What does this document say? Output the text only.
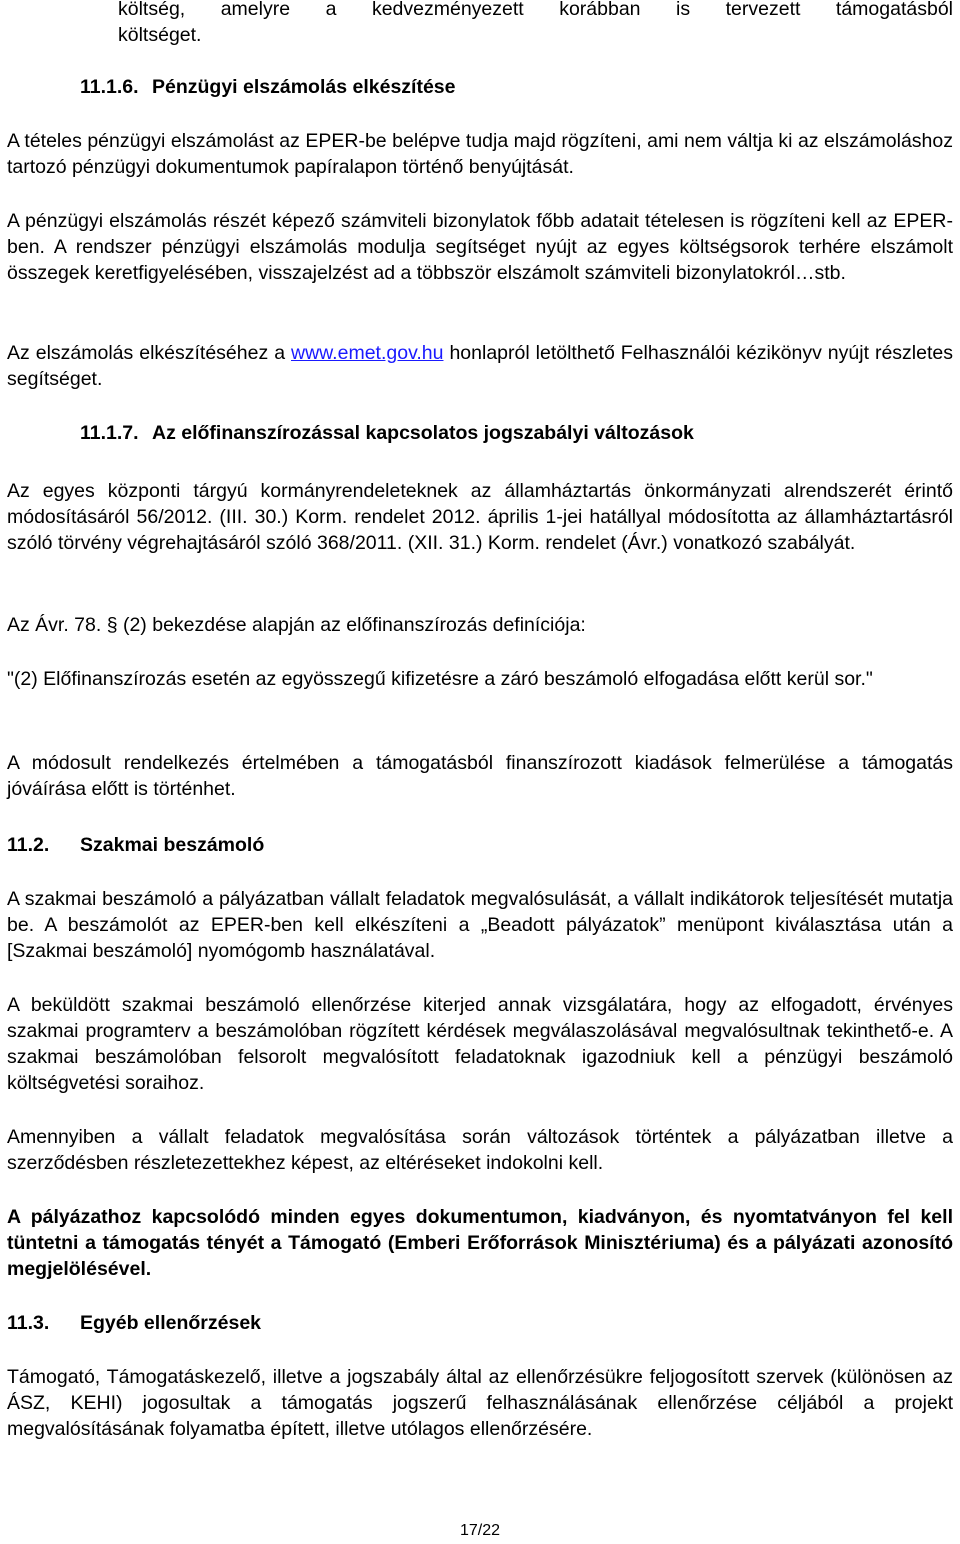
költség, amelyre a kedvezményezett korábban is tervezett támogatásból

költséget.

11.1.6. Pénzügyi elszámolás elkészítése

A tételes pénzügyi elszámolást az EPER-be belépve tudja majd rögzíteni, ami nem váltja ki az elszámoláshoz tartozó pénzügyi dokumentumok papíralapon történő benyújtását.

A pénzügyi elszámolás részét képező számviteli bizonylatok főbb adatait tételesen is rögzíteni kell az EPER-ben. A rendszer pénzügyi elszámolás modulja segítséget nyújt az egyes költségsorok terhére elszámolt összegek keretfigyelésében, visszajelzést ad a többször elszámolt számviteli bizonylatokról…stb.

Az elszámolás elkészítéséhez a www.emet.gov.hu honlapról letölthető Felhasználói kézikönyv nyújt részletes segítséget.

11.1.7. Az előfinanszírozással kapcsolatos jogszabályi változások

Az egyes központi tárgyú kormányrendeleteknek az államháztartás önkormányzati alrendszerét érintő módosításáról 56/2012. (III. 30.) Korm. rendelet 2012. április 1-jei hatállyal módosította az államháztartásról szóló törvény végrehajtásáról szóló 368/2011. (XII. 31.) Korm. rendelet (Ávr.) vonatkozó szabályát.

Az Ávr. 78. § (2) bekezdése alapján az előfinanszírozás definíciója:

"(2) Előfinanszírozás esetén az egyösszegű kifizetésre a záró beszámoló elfogadása előtt kerül sor."

A módosult rendelkezés értelmében a támogatásból finanszírozott kiadások felmerülése a támogatás jóváírása előtt is történhet.

11.2.	Szakmai beszámoló

A szakmai beszámoló a pályázatban vállalt feladatok megvalósulását, a vállalt indikátorok teljesítését mutatja be. A beszámolót az EPER-ben kell elkészíteni a „Beadott pályázatok” menüpont kiválasztása után a [Szakmai beszámoló] nyomógomb használatával.

A beküldött szakmai beszámoló ellenőrzése kiterjed annak vizsgálatára, hogy az elfogadott, érvényes szakmai programterv a beszámolóban rögzített kérdések megválaszolásával megvalósultnak tekinthető-e. A szakmai beszámolóban felsorolt megvalósított feladatoknak igazodniuk kell a pénzügyi beszámoló költségvetési soraihoz.

Amennyiben a vállalt feladatok megvalósítása során változások történtek a pályázatban illetve a szerződésben részletezettekhez képest, az eltéréseket indokolni kell.

A pályázathoz kapcsolódó minden egyes dokumentumon, kiadványon, és nyomtatványon fel kell tüntetni a támogatás tényét a Támogató (Emberi Erőforrások Minisztériuma) és a pályázati azonosító megjelölésével.

11.3.	Egyéb ellenőrzések

Támogató, Támogatáskezelő, illetve a jogszabály által az ellenőrzésükre feljogosított szervek (különösen az ÁSZ, KEHI) jogosultak a támogatás jogszerű felhasználásának ellenőrzése céljából a projekt megvalósításának folyamatba épített, illetve utólagos ellenőrzésére.

17/22
